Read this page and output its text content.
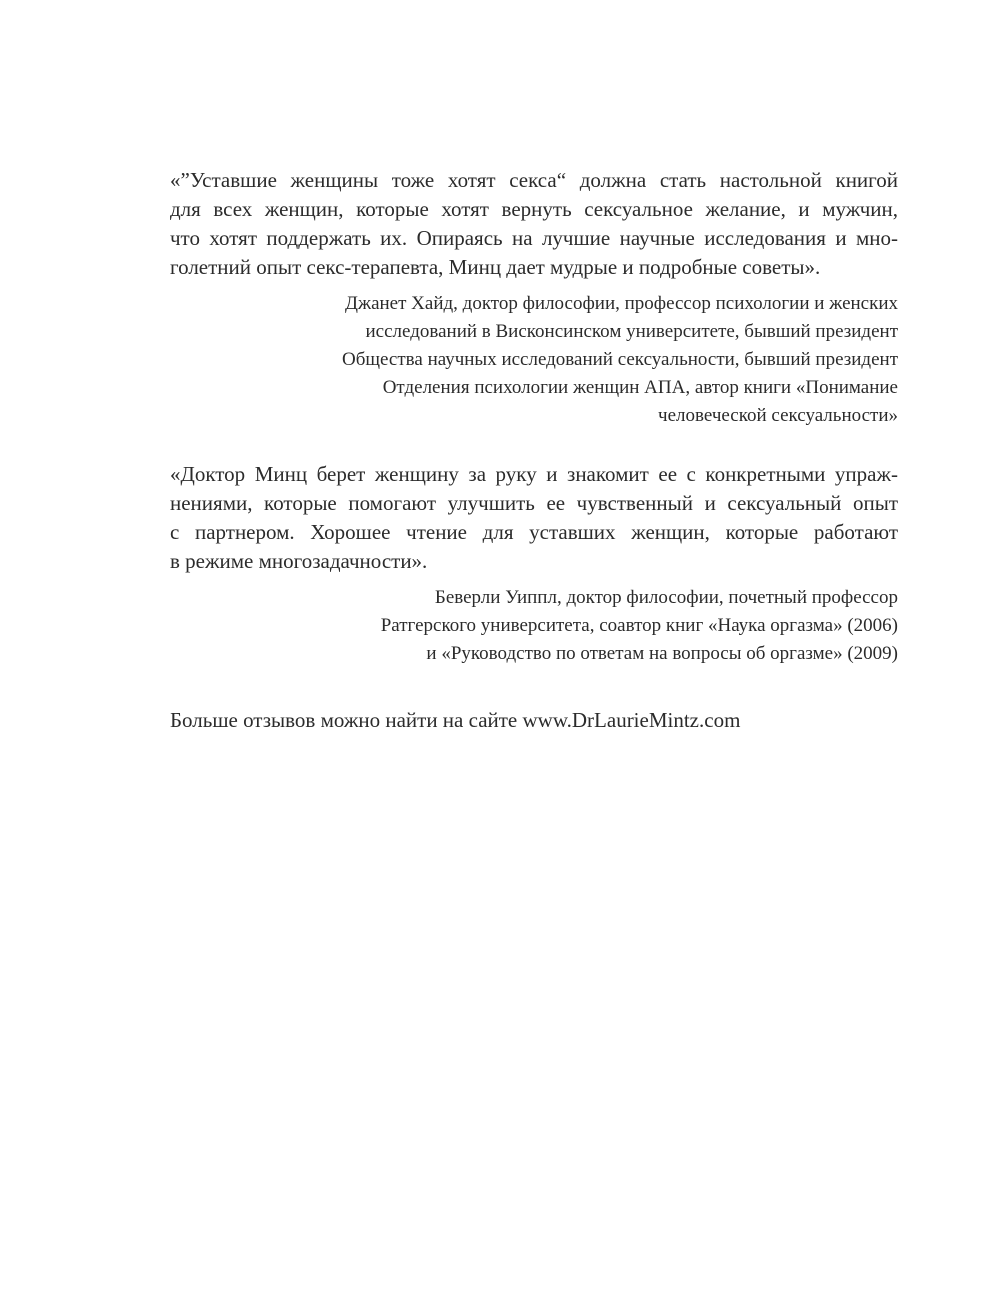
«”Уставшие женщины тоже хотят секса“ должна стать настольной книгой
для всех женщин, которые хотят вернуть сексуальное желание, и мужчин,
что хотят поддержать их. Опираясь на лучшие научные исследования и мно-
голетний опыт секс-терапевта, Минц дает мудрые и подробные советы».
Джанет Хайд, доктор философии, профессор психологии и женских
исследований в Висконсинском университете, бывший президент
Общества научных исследований сексуальности, бывший президент
Отделения психологии женщин АПА, автор книги «Понимание
человеческой сексуальности»
«Доктор Минц берет женщину за руку и знакомит ее с конкретными упраж-
нениями, которые помогают улучшить ее чувственный и сексуальный опыт
с партнером. Хорошее чтение для уставших женщин, которые работают
в режиме многозадачности».
Беверли Уиппл, доктор философии, почетный профессор
Ратгерского университета, соавтор книг «Наука оргазма» (2006)
и «Руководство по ответам на вопросы об оргазме» (2009)
Больше отзывов можно найти на сайте www.DrLaurieMintz.com
